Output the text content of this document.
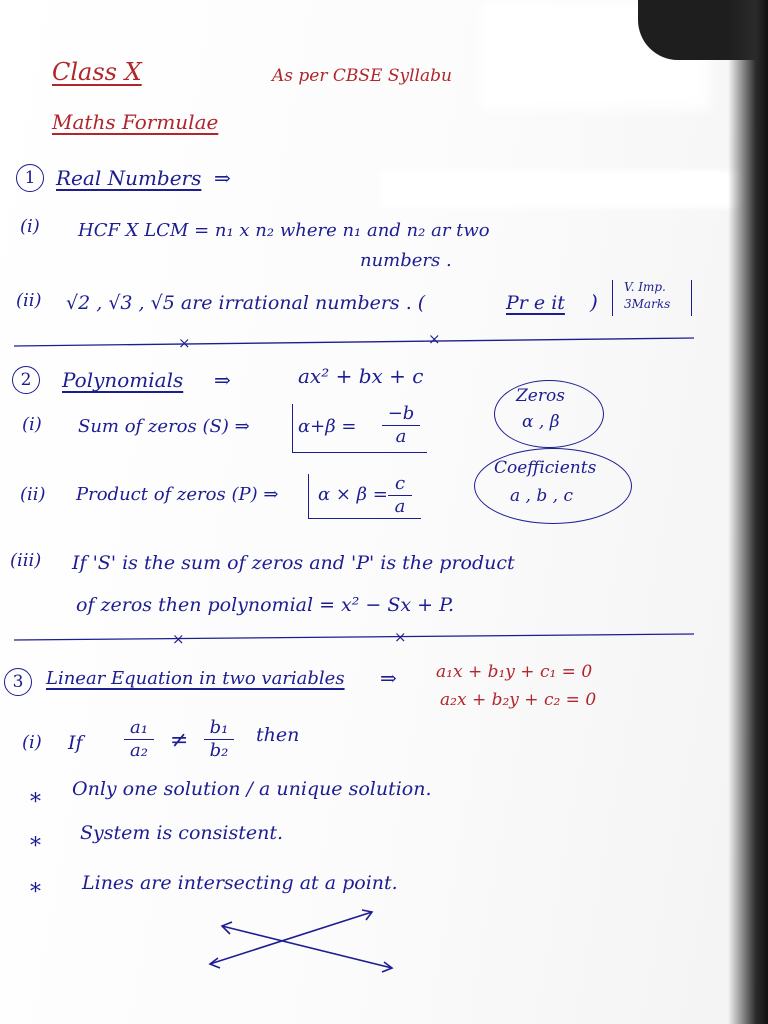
Class X	As per CBSE Syllabu
Maths Formulae
1	Real Numbers ⇒
(i) HCF X LCM = n₁ x n₂ where n₁ and n₂ ar two
numbers .
(ii) √2 , √3 , √5 are irrational numbers . (	Pr e it )
V. Imp.
3Marks
×	×
×	×
2	Polynomials ⇒	ax² + bx + c
Zeros
α , β
Coefficients
a , b , c
(i) Sum of zeros (S) ⇒	α+β =
−b
a
(ii) Product of zeros (P) ⇒ α × β =
c
a
(iii) If 'S' is the sum of zeros and 'P' is the product
of zeros then polynomial = x² − Sx + P.
3	Linear Equation in two variables ⇒ a₁x + b₁y + c₁ = 0
a₂x + b₂y + c₂ = 0
(i) If
a₁
a₂ ≠
b₁
b₂
then
*
Only one solution / a unique solution.
*
System is consistent.
* Lines are intersecting at a point.
